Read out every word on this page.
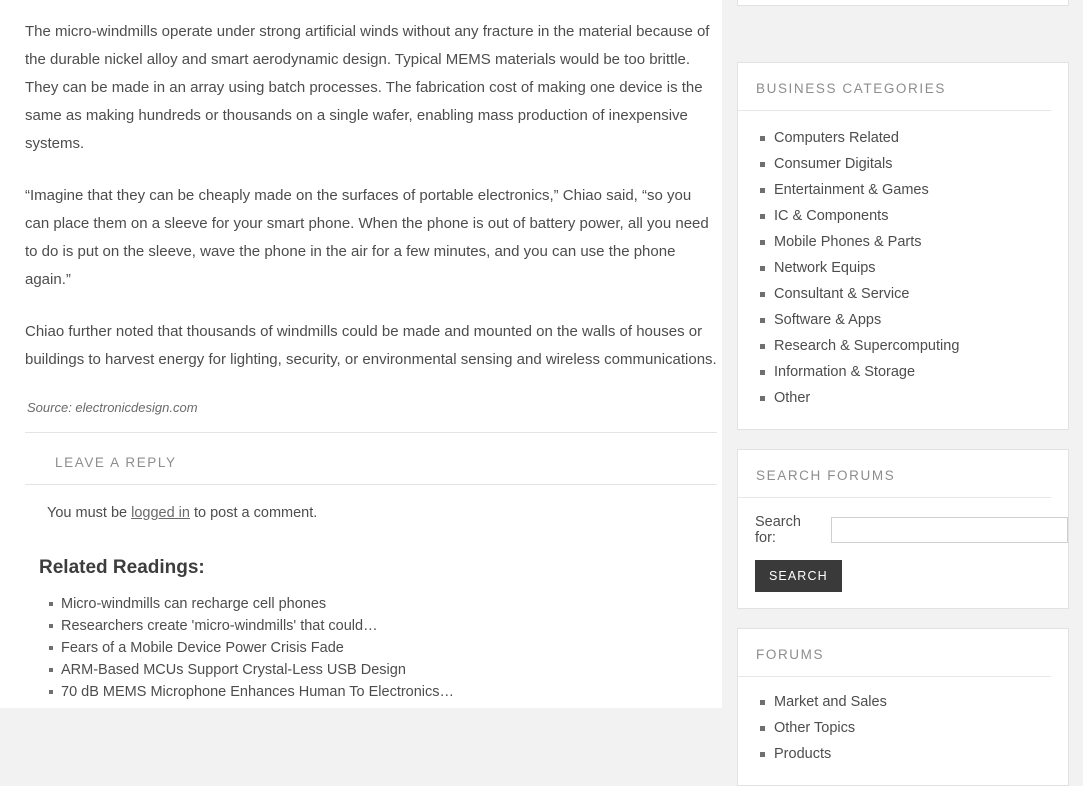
The micro-windmills operate under strong artificial winds without any fracture in the material because of the durable nickel alloy and smart aerodynamic design. Typical MEMS materials would be too brittle. They can be made in an array using batch processes. The fabrication cost of making one device is the same as making hundreds or thousands on a single wafer, enabling mass production of inexpensive systems.

“Imagine that they can be cheaply made on the surfaces of portable electronics,” Chiao said, “so you can place them on a sleeve for your smart phone. When the phone is out of battery power, all you need to do is put on the sleeve, wave the phone in the air for a few minutes, and you can use the phone again.”

Chiao further noted that thousands of windmills could be made and mounted on the walls of houses or buildings to harvest energy for lighting, security, or environmental sensing and wireless communications.

Source: electronicdesign.com
LEAVE A REPLY
You must be logged in to post a comment.
Related Readings:
Micro-windmills can recharge cell phones
Researchers create 'micro-windmills' that could…
Fears of a Mobile Device Power Crisis Fade
ARM-Based MCUs Support Crystal-Less USB Design
70 dB MEMS Microphone Enhances Human To Electronics…
BUSINESS CATEGORIES
Computers Related
Consumer Digitals
Entertainment & Games
IC & Components
Mobile Phones & Parts
Network Equips
Consultant & Service
Software & Apps
Research & Supercomputing
Information & Storage
Other
SEARCH FORUMS
Search for:
SEARCH
FORUMS
Market and Sales
Other Topics
Products
